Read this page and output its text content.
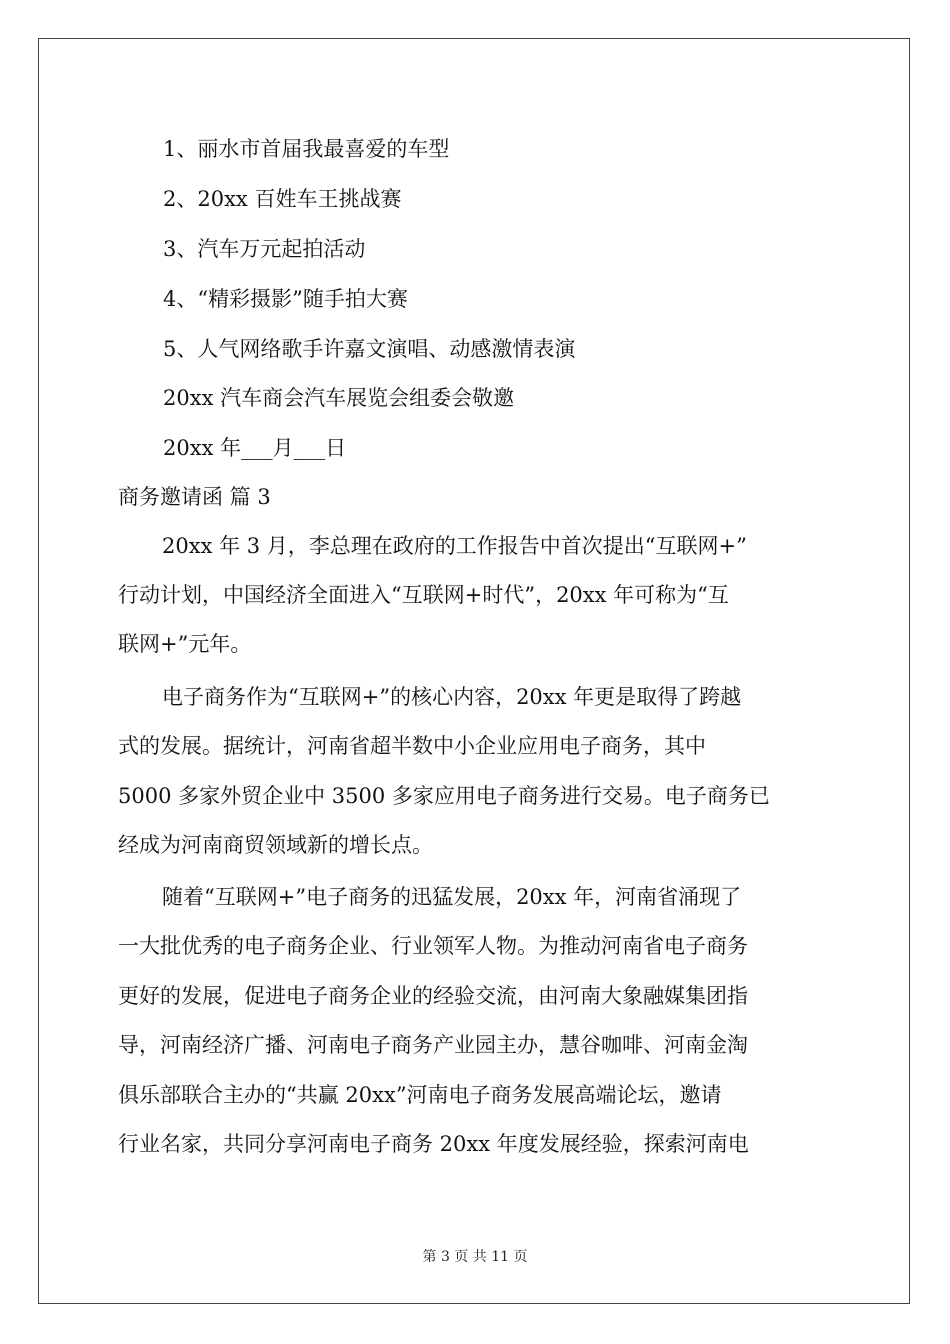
1、丽水市首届我最喜爱的车型
2、20xx 百姓车王挑战赛
3、汽车万元起拍活动
4、“精彩摄影”随手拍大赛
5、人气网络歌手许嘉文演唱、动感激情表演
20xx 汽车商会汽车展览会组委会敬邀
20xx 年___月___日
商务邀请函 篇 3
20xx 年 3 月，李总理在政府的工作报告中首次提出“互联网+”
行动计划，中国经济全面进入“互联网+时代”，20xx 年可称为“互
联网+”元年。
电子商务作为“互联网+”的核心内容，20xx 年更是取得了跨越
式的发展。据统计，河南省超半数中小企业应用电子商务，其中
5000 多家外贸企业中 3500 多家应用电子商务进行交易。电子商务已
经成为河南商贸领域新的增长点。
随着“互联网+”电子商务的迅猛发展，20xx 年，河南省涌现了
一大批优秀的电子商务企业、行业领军人物。为推动河南省电子商务
更好的发展，促进电子商务企业的经验交流，由河南大象融媒集团指
导，河南经济广播、河南电子商务产业园主办，慧谷咖啡、河南金淘
俱乐部联合主办的“共赢 20xx”河南电子商务发展高端论坛，邀请
行业名家，共同分享河南电子商务 20xx 年度发展经验，探索河南电
第 3 页 共 11 页
